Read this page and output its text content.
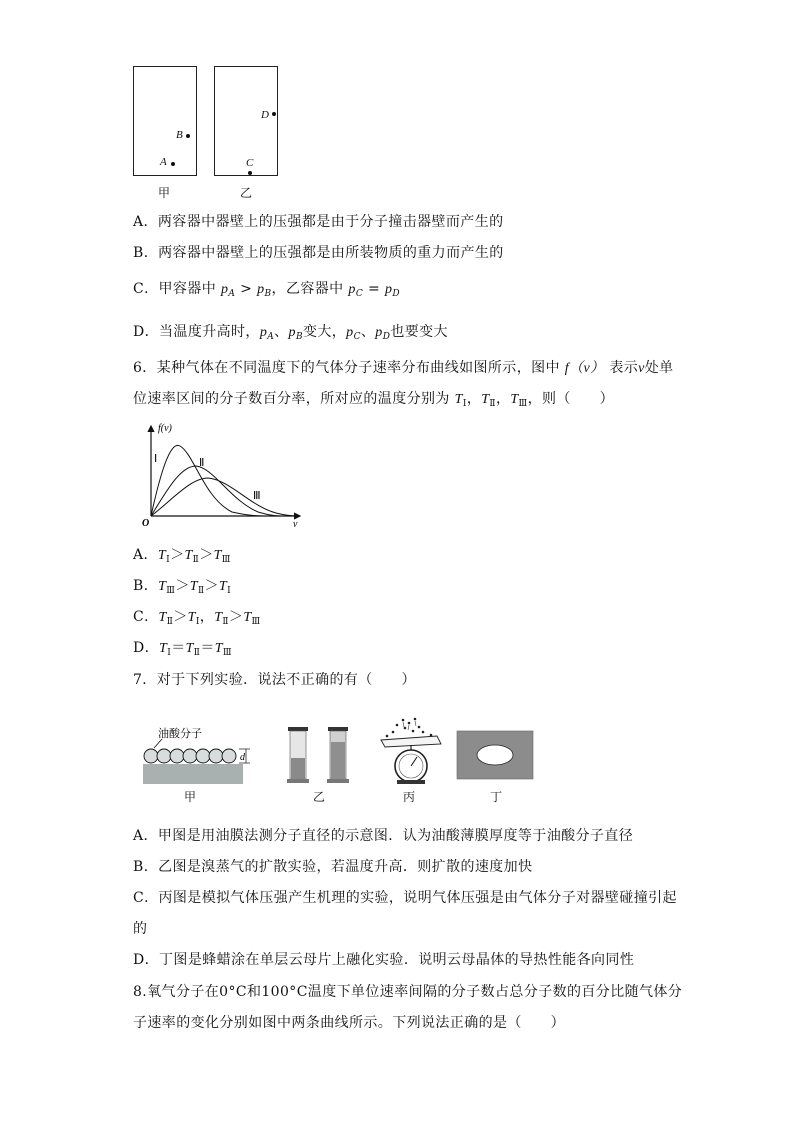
A
B
C
D
甲	乙
A．两容器中器壁上的压强都是由于分子撞击器壁而产生的
B．两容器中器壁上的压强都是由所装物质的重力而产生的
C．甲容器中 $p_A > p_B$，乙容器中 $p_C = p_D$
D．当温度升高时，$p_A$、$p_B$变大，$p_C$、$p_D$也要变大
6．某种气体在不同温度下的气体分子速率分布曲线如图所示，图中 f（v） 表示v处单
位速率区间的分子数百分率，所对应的温度分别为 $T_Ⅰ$，$T_Ⅱ$，$T_Ⅲ$，则（　　）
f(v)
v
O
Ⅰ	Ⅱ
Ⅲ
A．$T_Ⅰ>T_Ⅱ>T_Ⅲ$
B．$T_Ⅲ>T_Ⅱ>T_Ⅰ$
C．$T_Ⅱ>T_Ⅰ$，$T_Ⅱ>T_Ⅲ$
D．$T_Ⅰ=T_Ⅱ=T_Ⅲ$
7．对于下列实验．说法不正确的有（　　）
油酸分子
d
甲	乙	丙	丁
A．甲图是用油膜法测分子直径的示意图．认为油酸薄膜厚度等于油酸分子直径
B．乙图是溴蒸气的扩散实验，若温度升高．则扩散的速度加快
C．丙图是模拟气体压强产生机理的实验，说明气体压强是由气体分子对器壁碰撞引起
的
D．丁图是蜂蜡涂在单层云母片上融化实验．说明云母晶体的导热性能各向同性
8.氧气分子在0°C和100°C温度下单位速率间隔的分子数占总分子数的百分比随气体分
子速率的变化分别如图中两条曲线所示。下列说法正确的是（　　）
